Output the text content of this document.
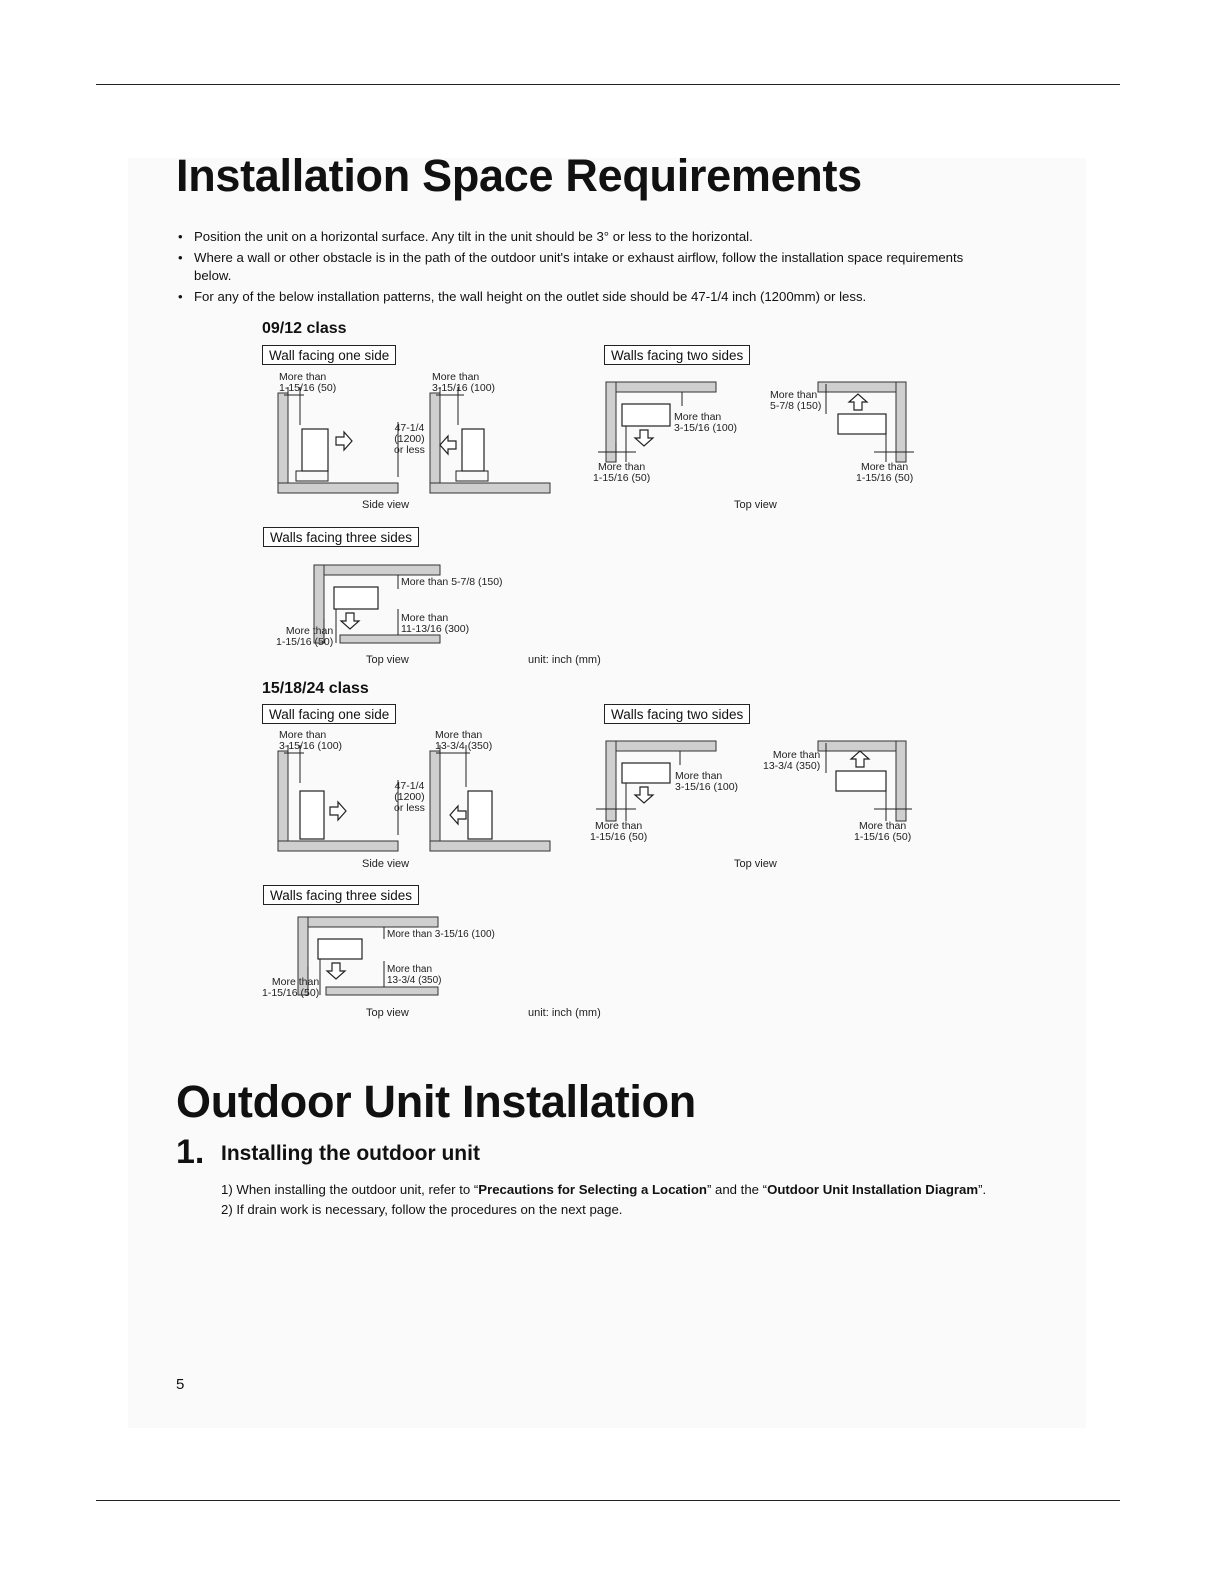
Installation Space Requirements
• Position the unit on a horizontal surface. Any tilt in the unit should be 3° or less to the horizontal.
• Where a wall or other obstacle is in the path of the outdoor unit's intake or exhaust airflow, follow the installation space requirements below.
• For any of the below installation patterns, the wall height on the outlet side should be 47-1/4 inch (1200mm) or less.
09/12 class
Wall facing one side	Walls facing two sides
More than
1-15/16 (50)
More than
3-15/16 (100)
47-1/4
(1200)
or less
Side view
More than
3-15/16 (100)
More than
1-15/16 (50)
More than
5-7/8 (150)
More than
1-15/16 (50)
Top view
Walls facing three sides
More than 5-7/8 (150)
More than
11-13/16 (300)
More than
1-15/16 (50)
Top view	unit: inch (mm)
15/18/24 class
Wall facing one side	Walls facing two sides
More than
3-15/16 (100)
More than
13-3/4 (350)
47-1/4
(1200)
or less
Side view
More than
3-15/16 (100)
More than
1-15/16 (50)
More than
13-3/4 (350)
More than
1-15/16 (50)
Top view
Walls facing three sides
More than 3-15/16 (100)
More than
13-3/4 (350)
More than
1-15/16 (50)
Top view	unit: inch (mm)
Outdoor Unit Installation
1. Installing the outdoor unit
1) When installing the outdoor unit, refer to “Precautions for Selecting a Location” and the “Outdoor Unit Installation Diagram”.
2) If drain work is necessary, follow the procedures on the next page.
5
